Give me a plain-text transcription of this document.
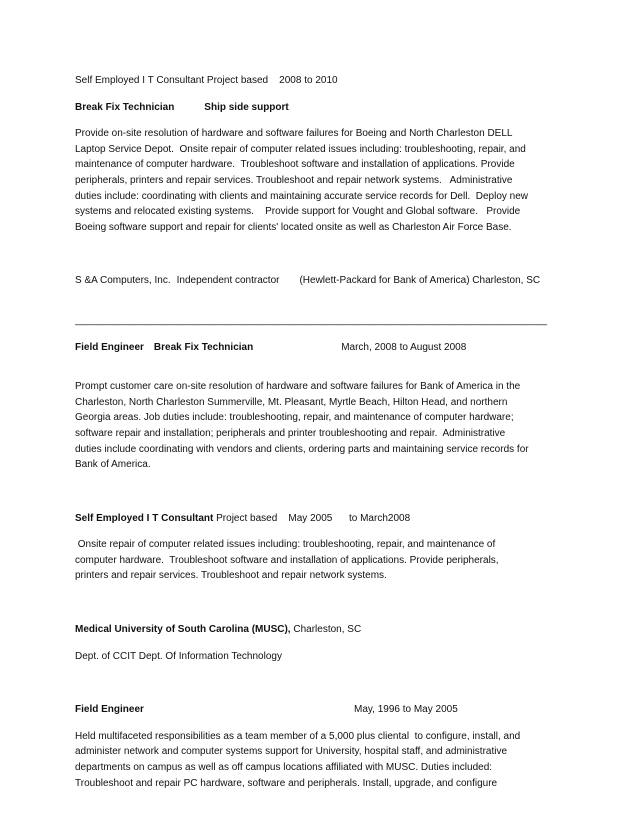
Self Employed I T Consultant Project based    2008 to 2010
Break Fix Technician	Ship side support
Provide on-site resolution of hardware and software failures for Boeing and North Charleston DELL
Laptop Service Depot.  Onsite repair of computer related issues including: troubleshooting, repair, and
maintenance of computer hardware.  Troubleshoot software and installation of applications. Provide
peripherals, printers and repair services. Troubleshoot and repair network systems.   Administrative
duties include: coordinating with clients and maintaining accurate service records for Dell.  Deploy new
systems and relocated existing systems.    Provide support for Vought and Global software.   Provide
Boeing software support and repair for clients' located onsite as well as Charleston Air Force Base.
S &A Computers, Inc. Independent contractor (Hewlett-Packard for Bank of America) Charleston, SC
________________________________________________________________________________________
Field Engineer Break Fix Technician	March, 2008 to August 2008
Prompt customer care on-site resolution of hardware and software failures for Bank of America in the
Charleston, North Charleston Summerville, Mt. Pleasant, Myrtle Beach, Hilton Head, and northern
Georgia areas. Job duties include: troubleshooting, repair, and maintenance of computer hardware;
software repair and installation; peripherals and printer troubleshooting and repair.  Administrative
duties include coordinating with vendors and clients, ordering parts and maintaining service records for
Bank of America.
Self Employed I T Consultant Project based    May 2005      to March2008
Onsite repair of computer related issues including: troubleshooting, repair, and maintenance of
computer hardware.  Troubleshoot software and installation of applications. Provide peripherals,
printers and repair services. Troubleshoot and repair network systems.
Medical University of South Carolina (MUSC), Charleston, SC
Dept. of CCIT Dept. Of Information Technology
Field Engineer	May, 1996 to May 2005
Held multifaceted responsibilities as a team member of a 5,000 plus cliental  to configure, install, and
administer network and computer systems support for University, hospital staff, and administrative
departments on campus as well as off campus locations affiliated with MUSC. Duties included:
Troubleshoot and repair PC hardware, software and peripherals. Install, upgrade, and configure
